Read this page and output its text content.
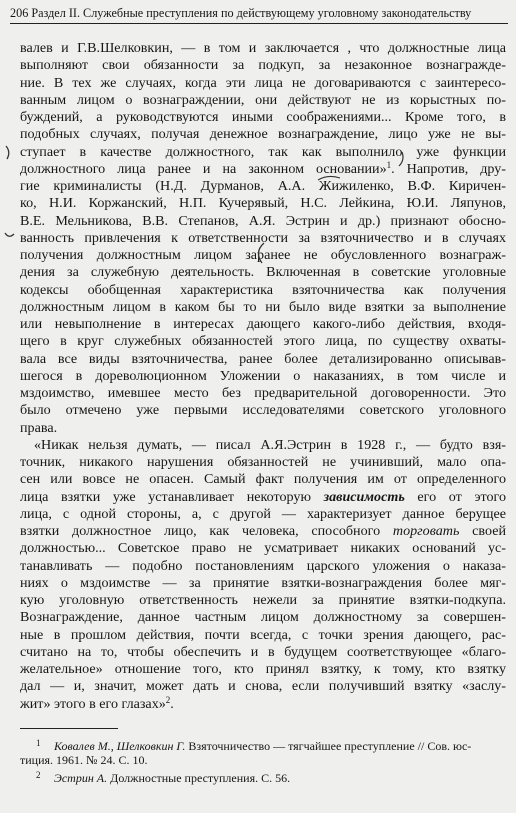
206 Раздел II. Служебные преступления по действующему уголовному законодательству
валев и Г.В.Шелковкин, — в том и заключается , что должностные лица
выполняют свои обязанности за подкуп, за незаконное вознагражде-
ние. В тех же случаях, когда эти лица не договариваются с заинтересо-
ванным лицом о вознаграждении, они действуют не из корыстных по-
буждений, а руководствуются иными соображениями... Кроме того, в
подобных случаях, получая денежное вознаграждение, лицо уже не вы-
ступает в качестве должностного, так как выполнило уже функции
должностного лица ранее и на законном основании»$^1$. Напротив, дру-
гие криминалисты (Н.Д. Дурманов, А.А. Жижиленко, В.Ф. Киричен-
ко, Н.И. Коржанский, Н.П. Кучерявый, Н.С. Лейкина, Ю.И. Ляпунов,
В.Е. Мельникова, В.В. Степанов, А.Я. Эстрин и др.) признают обосно-
ванность привлечения к ответственности за взяточничество и в случаях
получения должностным лицом заранее не обусловленного вознаграж-
дения за служебную деятельность. Включенная в советские уголовные
кодексы обобщенная характеристика взяточничества как получения
должностным лицом в каком бы то ни было виде взятки за выполнение
или невыполнение в интересах дающего какого-либо действия, входя-
щего в круг служебных обязанностей этого лица, по существу охваты-
вала все виды взяточничества, ранее более детализированно описывав-
шегося в дореволюционном Уложении о наказаниях, в том числе и
мздоимство, имевшее место без предварительной договоренности. Это
было отмечено уже первыми исследователями советского уголовного
права.
«Никак нельзя думать, — писал А.Я.Эстрин в 1928 г., — будто взя-
точник, никакого нарушения обязанностей не учинивший, мало опа-
сен или вовсе не опасен. Самый факт получения им от определенного
лица взятки уже устанавливает некоторую зависимость его от этого
лица, с одной стороны, а, с другой — характеризует данное берущее
взятки должностное лицо, как человека, способного торговать своей
должностью... Советское право не усматривает никаких оснований ус-
танавливать — подобно постановлениям царского уложения о наказа-
ниях о мздоимстве — за принятие взятки-вознаграждения более мяг-
кую уголовную ответственность нежели за принятие взятки-подкупа.
Вознаграждение, данное частным лицом должностному за совершен-
ные в прошлом действия, почти всегда, с точки зрения дающего, рас-
считано на то, чтобы обеспечить и в будущем соответствующее «благо-
желательное» отношение того, кто принял взятку, к тому, кто взятку
дал — и, значит, может дать и снова, если получивший взятку «заслу-
жит» этого в его глазах»$^2$.
1 Ковалев М., Шелковкин Г. Взяточничество — тягчайшее преступление // Сов. юс-
тиция. 1961. № 24. С. 10.
2 Эстрин А. Должностные преступления. С. 56.
